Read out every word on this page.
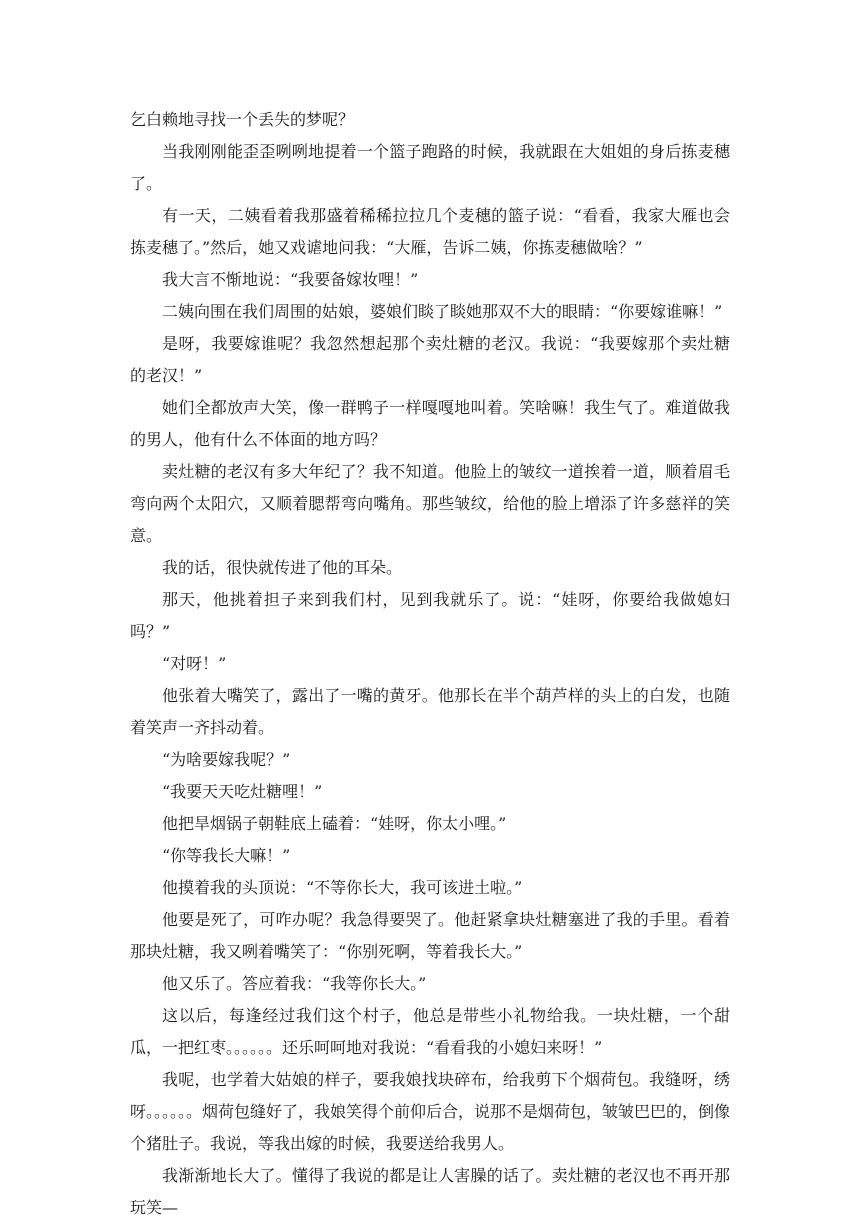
乞白赖地寻找一个丢失的梦呢？

当我刚刚能歪歪咧咧地提着一个篮子跑路的时候，我就跟在大姐姐的身后拣麦穗了。

有一天，二姨看着我那盛着稀稀拉拉几个麦穗的篮子说：“看看，我家大雁也会拣麦穗了。”然后，她又戏谑地问我：“大雁，告诉二姨，你拣麦穗做啥？”

我大言不惭地说：“我要备嫁妆哩！”

二姨向围在我们周围的姑娘，婆娘们睒了睒她那双不大的眼睛：“你要嫁谁嘛！”

是呀，我要嫁谁呢？我忽然想起那个卖灶糖的老汉。我说：“我要嫁那个卖灶糖的老汉！”

她们全都放声大笑，像一群鸭子一样嘎嘎地叫着。笑啥嘛！我生气了。难道做我的男人，他有什么不体面的地方吗？

卖灶糖的老汉有多大年纪了？我不知道。他脸上的皱纹一道挨着一道，顺着眉毛弯向两个太阳穴，又顺着腮帮弯向嘴角。那些皱纹，给他的脸上增添了许多慈祥的笑意。

我的话，很快就传进了他的耳朵。

那天，他挑着担子来到我们村，见到我就乐了。说：“娃呀，你要给我做媳妇吗？”

“对呀！”

他张着大嘴笑了，露出了一嘴的黄牙。他那长在半个葫芦样的头上的白发，也随着笑声一齐抖动着。

“为啥要嫁我呢？”

“我要天天吃灶糖哩！”

他把旱烟锅子朝鞋底上磕着：“娃呀，你太小哩。”

“你等我长大嘛！”

他摸着我的头顶说：“不等你长大，我可该进土啦。”

他要是死了，可咋办呢？我急得要哭了。他赶紧拿块灶糖塞进了我的手里。看着那块灶糖，我又咧着嘴笑了：“你别死啊，等着我长大。”

他又乐了。答应着我：“我等你长大。”

这以后，每逢经过我们这个村子，他总是带些小礼物给我。一块灶糖，一个甜瓜，一把红枣。。。。。。还乐呵呵地对我说：“看看我的小媳妇来呀！”

我呢，也学着大姑娘的样子，要我娘找块碎布，给我剪下个烟荷包。我缝呀，绣呀。。。。。。烟荷包缝好了，我娘笑得个前仰后合，说那不是烟荷包，皱皱巴巴的，倒像个猪肚子。我说，等我出嫁的时候，我要送给我男人。

我渐渐地长大了。懂得了我说的都是让人害臊的话了。卖灶糖的老汉也不再开那玩笑—
